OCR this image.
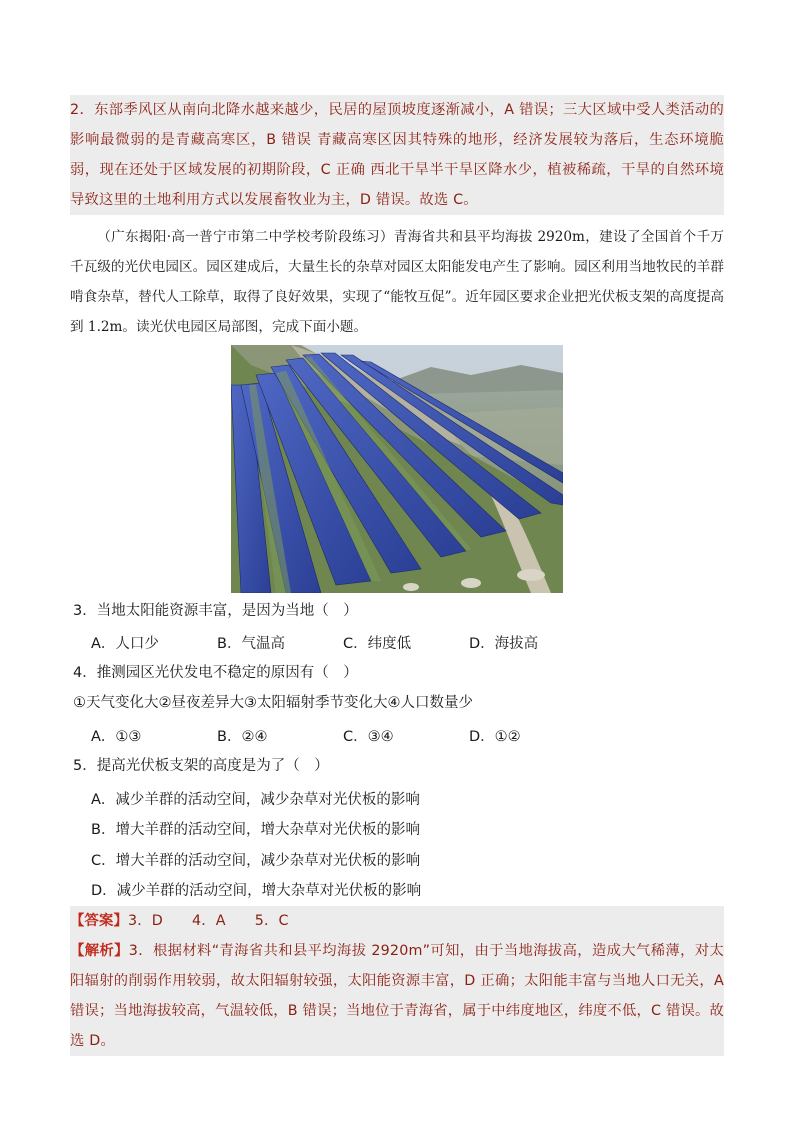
2．东部季风区从南向北降水越来越少，民居的屋顶坡度逐渐减小，A 错误；三大区域中受人类活动的影响最微弱的是青藏高寒区，B 错误 青藏高寒区因其特殊的地形，经济发展较为落后，生态环境脆弱，现在还处于区域发展的初期阶段，C 正确 西北干旱半干旱区降水少，植被稀疏，干旱的自然环境导致这里的土地利用方式以发展畜牧业为主，D 错误。故选 C。

（广东揭阳·高一普宁市第二中学校考阶段练习）青海省共和县平均海拔 2920m，建设了全国首个千万千瓦级的光伏电园区。园区建成后，大量生长的杂草对园区太阳能发电产生了影响。园区利用当地牧民的羊群啃食杂草，替代人工除草，取得了良好效果，实现了“能牧互促”。近年园区要求企业把光伏板支架的高度提高到 1.2m。读光伏电园区局部图，完成下面小题。

3．当地太阳能资源丰富，是因为当地（　）
A．人口少	B．气温高	C．纬度低	D．海拔高
4．推测园区光伏发电不稳定的原因有（　）
①天气变化大②昼夜差异大③太阳辐射季节变化大④人口数量少
A．①③	B．②④	C．③④	D．①②
5．提高光伏板支架的高度是为了（　）
A．减少羊群的活动空间，减少杂草对光伏板的影响
B．增大羊群的活动空间，增大杂草对光伏板的影响
C．增大羊群的活动空间，减少杂草对光伏板的影响
D．减少羊群的活动空间，增大杂草对光伏板的影响

【答案】3．D　　4．A　　5．C

【解析】3．根据材料“青海省共和县平均海拔 2920m”可知，由于当地海拔高，造成大气稀薄，对太阳辐射的削弱作用较弱，故太阳辐射较强，太阳能资源丰富，D 正确；太阳能丰富与当地人口无关，A 错误；当地海拔较高，气温较低，B 错误；当地位于青海省，属于中纬度地区，纬度不低，C 错误。故选 D。
